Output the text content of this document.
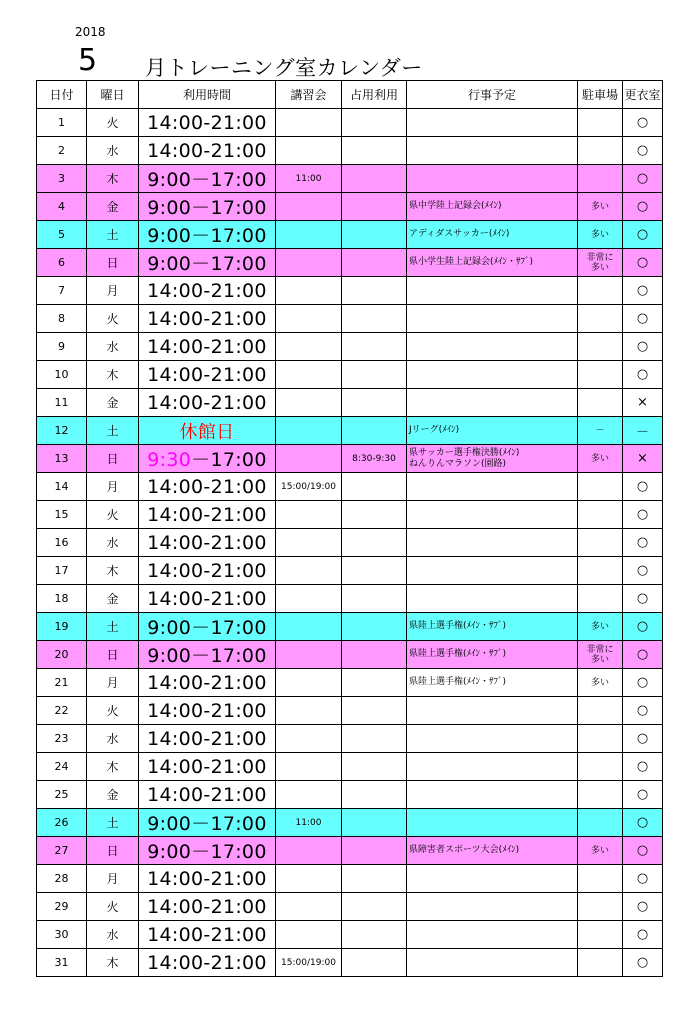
2018
5 月トレーニング室カレンダー
日付	曜日	利用時間	講習会	占用利用	行事予定	駐車場	更衣室
1	火	14:00-21:00					○
2	水	14:00-21:00					○
3	木	9:00－17:00	11:00				○
4	金	9:00－17:00			県中学陸上記録会(ﾒｲﾝ)	多い	○
5	土	9:00－17:00			アディダスサッカー(ﾒｲﾝ)	多い	○
6	日	9:00－17:00			県小学生陸上記録会(ﾒｲﾝ・ｻﾌﾞ)	非常に
多い	○
7	月	14:00-21:00					○
8	火	14:00-21:00					○
9	水	14:00-21:00					○
10	木	14:00-21:00					○
11	金	14:00-21:00					×
12	土	休館日			Jリーグ(ﾒｲﾝ)	－	－
13	日	9:30－17:00		8:30-9:30	県サッカー選手権決勝(ﾒｲﾝ)
ねんりんマラソン(園路)	多い	×
14	月	14:00-21:00	15:00/19:00				○
15	火	14:00-21:00					○
16	水	14:00-21:00					○
17	木	14:00-21:00					○
18	金	14:00-21:00					○
19	土	9:00－17:00			県陸上選手権(ﾒｲﾝ・ｻﾌﾞ)	多い	○
20	日	9:00－17:00			県陸上選手権(ﾒｲﾝ・ｻﾌﾞ)	非常に
多い	○
21	月	14:00-21:00			県陸上選手権(ﾒｲﾝ・ｻﾌﾞ)	多い	○
22	火	14:00-21:00					○
23	水	14:00-21:00					○
24	木	14:00-21:00					○
25	金	14:00-21:00					○
26	土	9:00－17:00	11:00				○
27	日	9:00－17:00			県障害者スポーツ大会(ﾒｲﾝ)	多い	○
28	月	14:00-21:00					○
29	火	14:00-21:00					○
30	水	14:00-21:00					○
31	木	14:00-21:00	15:00/19:00				○
